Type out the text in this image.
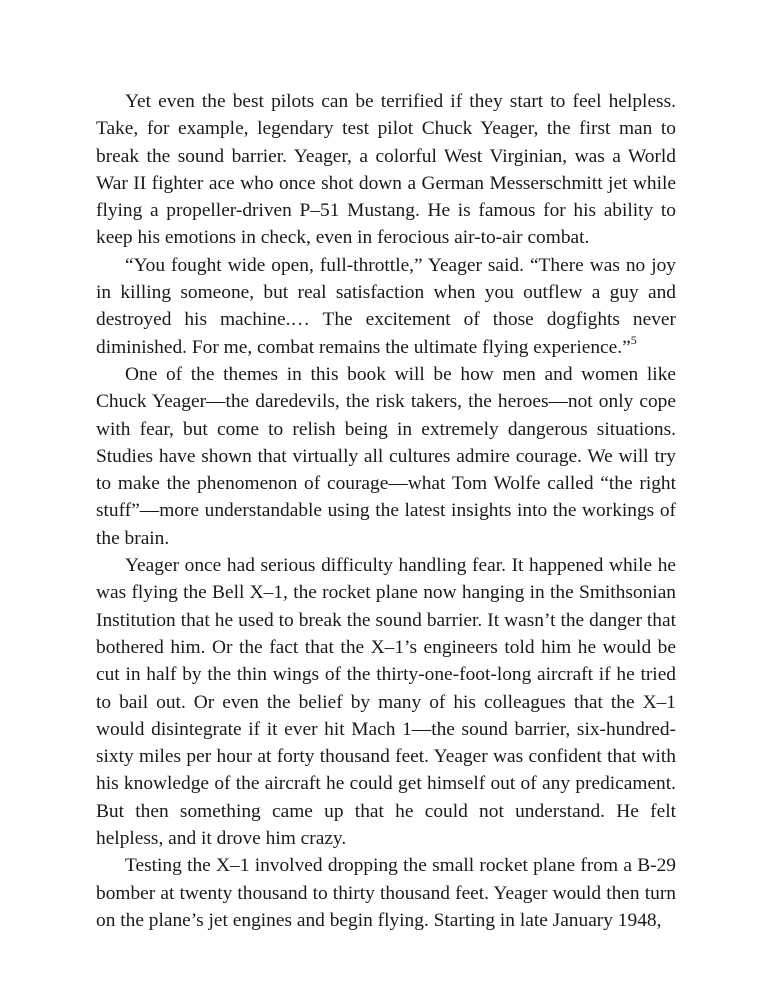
Yet even the best pilots can be terrified if they start to feel helpless. Take, for example, legendary test pilot Chuck Yeager, the first man to break the sound barrier. Yeager, a colorful West Virginian, was a World War II fighter ace who once shot down a German Messerschmitt jet while flying a propeller-driven P–51 Mustang. He is famous for his ability to keep his emotions in check, even in ferocious air-to-air combat.

“You fought wide open, full-throttle,” Yeager said. “There was no joy in killing someone, but real satisfaction when you outflew a guy and destroyed his machine.… The excitement of those dogfights never diminished. For me, combat remains the ultimate flying experience.”$^5$

One of the themes in this book will be how men and women like Chuck Yeager—the daredevils, the risk takers, the heroes—not only cope with fear, but come to relish being in extremely dangerous situations. Studies have shown that virtually all cultures admire courage. We will try to make the phenomenon of courage—what Tom Wolfe called “the right stuff”—more understandable using the latest insights into the workings of the brain.

Yeager once had serious difficulty handling fear. It happened while he was flying the Bell X–1, the rocket plane now hanging in the Smithsonian Institution that he used to break the sound barrier. It wasn’t the danger that bothered him. Or the fact that the X–1’s engineers told him he would be cut in half by the thin wings of the thirty-one-foot-long aircraft if he tried to bail out. Or even the belief by many of his colleagues that the X–1 would disintegrate if it ever hit Mach 1—the sound barrier, six-hundred-sixty miles per hour at forty thousand feet. Yeager was confident that with his knowledge of the aircraft he could get himself out of any predicament. But then something came up that he could not understand. He felt helpless, and it drove him crazy.

Testing the X–1 involved dropping the small rocket plane from a B-29 bomber at twenty thousand to thirty thousand feet. Yeager would then turn on the plane’s jet engines and begin flying. Starting in late January 1948,
